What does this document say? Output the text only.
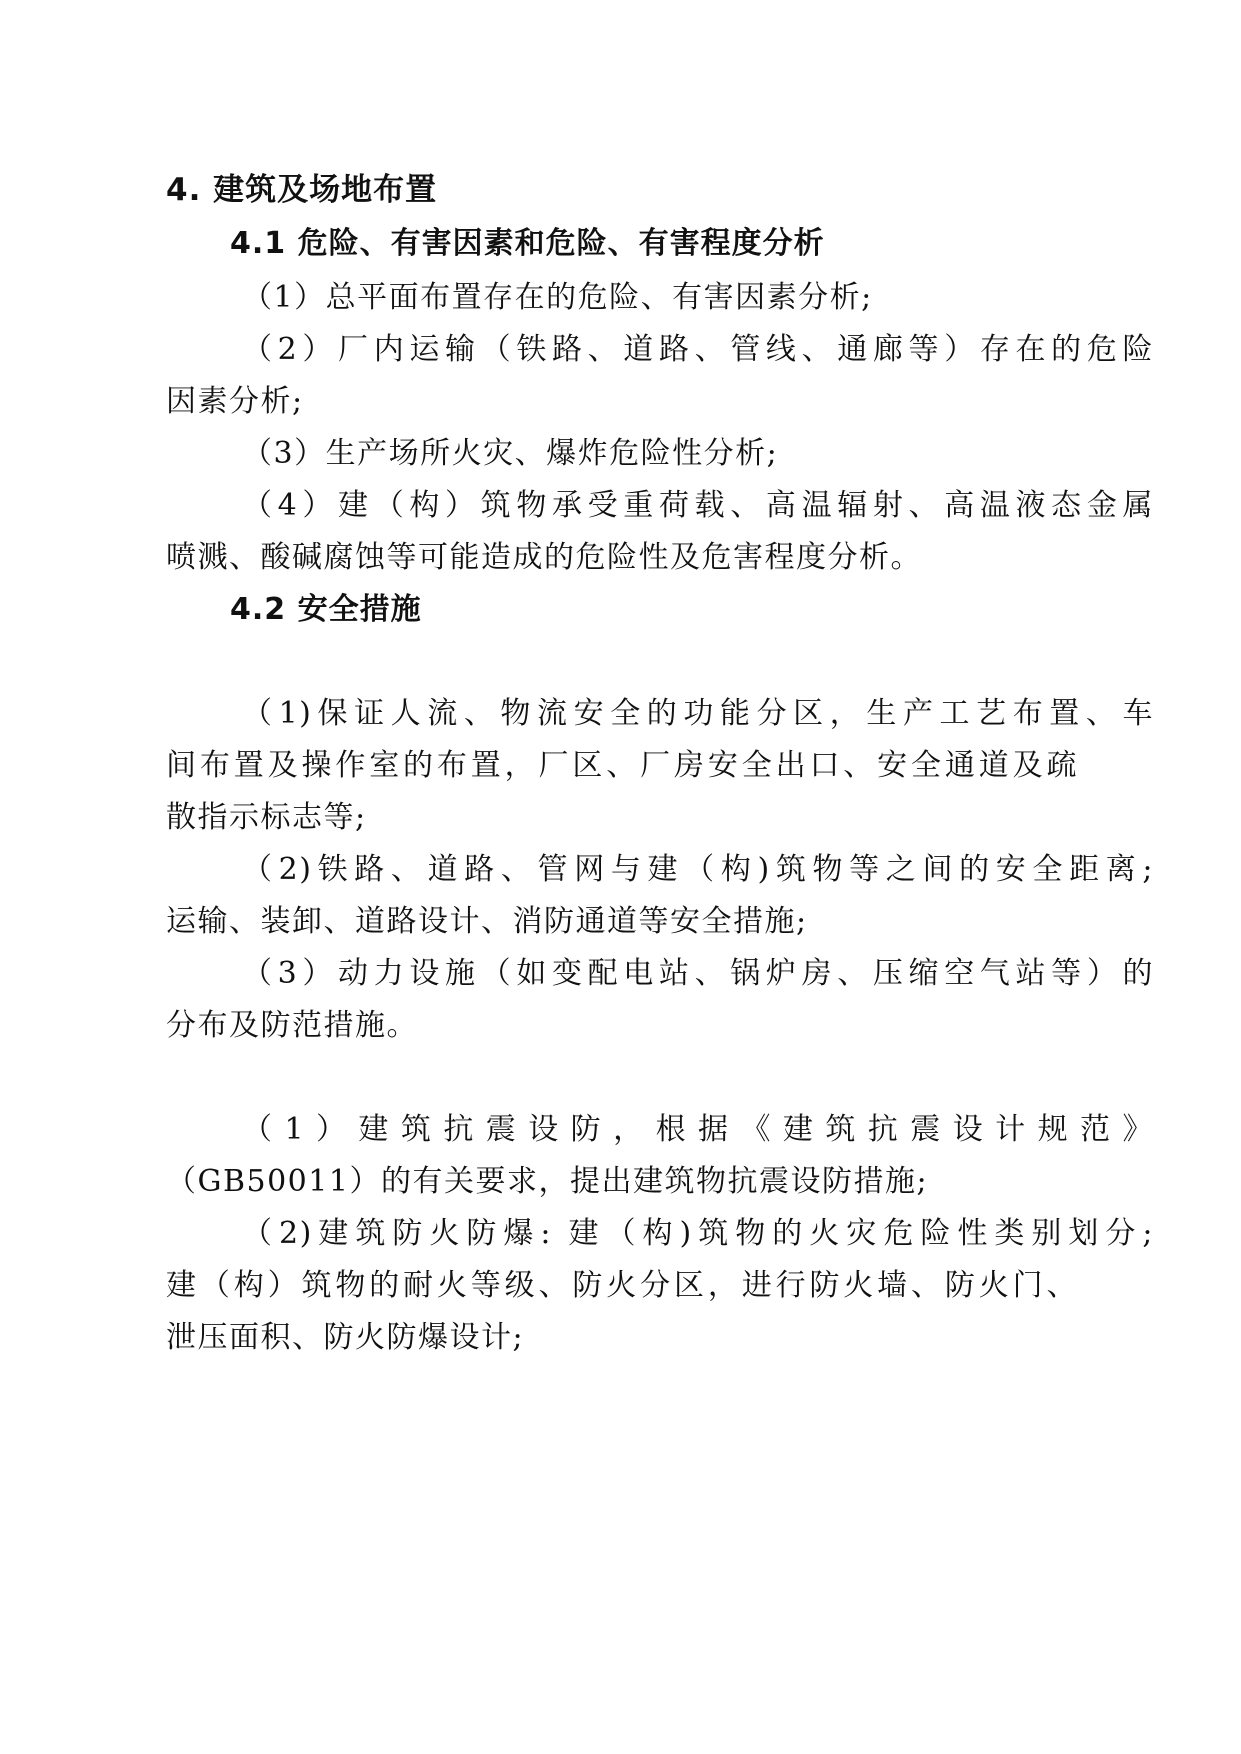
4. 建筑及场地布置
4.1 危险、有害因素和危险、有害程度分析
（1）总平面布置存在的危险、有害因素分析;
（2）厂内运输（铁路、道路、管线、通廊等）存在的危险
因素分析;
（3）生产场所火灾、爆炸危险性分析;
（4）建（构）筑物承受重荷载、高温辐射、高温液态金属
喷溅、酸碱腐蚀等可能造成的危险性及危害程度分析。
4.2 安全措施
（1)保证人流、物流安全的功能分区，生产工艺布置、车
间布置及操作室的布置，厂区、厂房安全出口、安全通道及疏
散指示标志等;
（2)铁路、道路、管网与建（构)筑物等之间的安全距离;
运输、装卸、道路设计、消防通道等安全措施;
（3）动力设施（如变配电站、锅炉房、压缩空气站等）的
分布及防范措施。
（1）建筑抗震设防，根据《建筑抗震设计规范》
（GB50011）的有关要求，提出建筑物抗震设防措施;
（2)建筑防火防爆: 建（构)筑物的火灾危险性类别划分;
建（构）筑物的耐火等级、防火分区，进行防火墙、防火门、
泄压面积、防火防爆设计;
